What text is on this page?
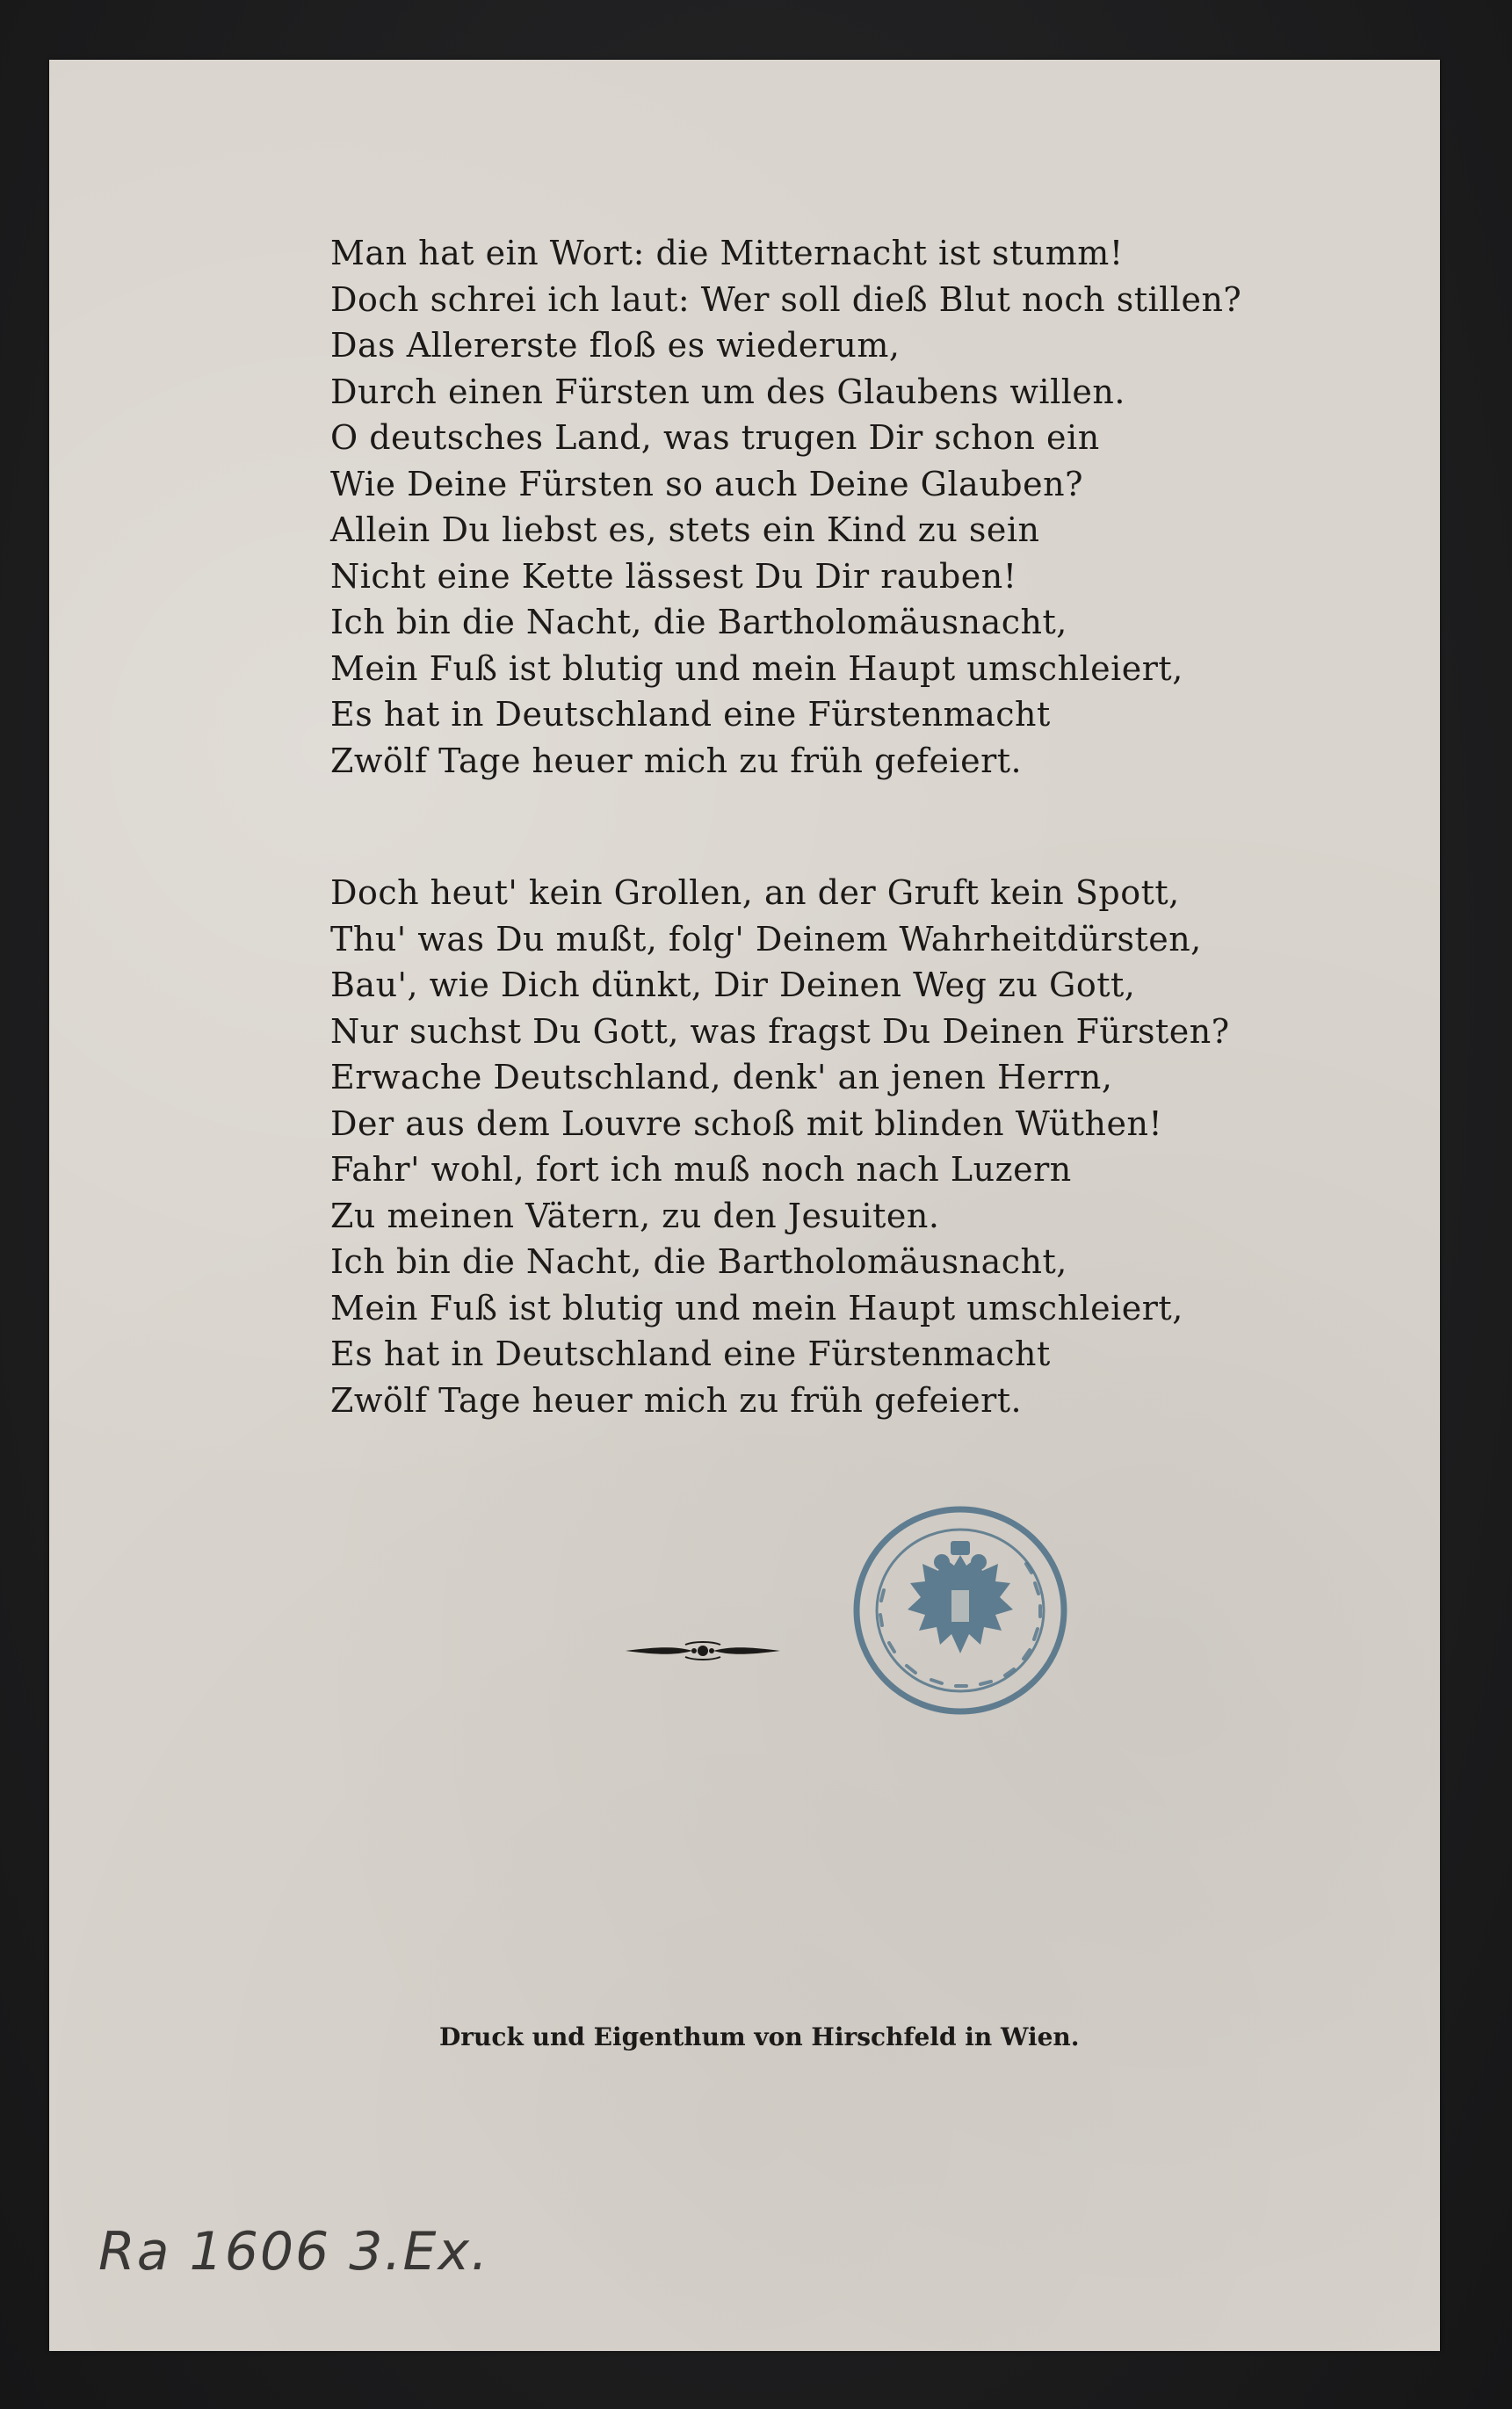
Man hat ein Wort: die Mitternacht ist stumm!
Doch schrei ich laut: Wer soll dieß Blut noch stillen?
Das Allererste floß es wiederum,
Durch einen Fürsten um des Glaubens willen.
O deutsches Land, was trugen Dir schon ein
Wie Deine Fürsten so auch Deine Glauben?
Allein Du liebst es, stets ein Kind zu sein
Nicht eine Kette lässest Du Dir rauben!
Ich bin die Nacht, die Bartholomäusnacht,
Mein Fuß ist blutig und mein Haupt umschleiert,
Es hat in Deutschland eine Fürstenmacht
Zwölf Tage heuer mich zu früh gefeiert.
Doch heut' kein Grollen, an der Gruft kein Spott,
Thu' was Du mußt, folg' Deinem Wahrheitdürsten,
Bau', wie Dich dünkt, Dir Deinen Weg zu Gott,
Nur suchst Du Gott, was fragst Du Deinen Fürsten?
Erwache Deutschland, denk' an jenen Herrn,
Der aus dem Louvre schoß mit blinden Wüthen!
Fahr' wohl, fort ich muß noch nach Luzern
Zu meinen Vätern, zu den Jesuiten.
Ich bin die Nacht, die Bartholomäusnacht,
Mein Fuß ist blutig und mein Haupt umschleiert,
Es hat in Deutschland eine Fürstenmacht
Zwölf Tage heuer mich zu früh gefeiert.
Druck und Eigenthum von Hirschfeld in Wien.
Ra 1606 3.Ex.
